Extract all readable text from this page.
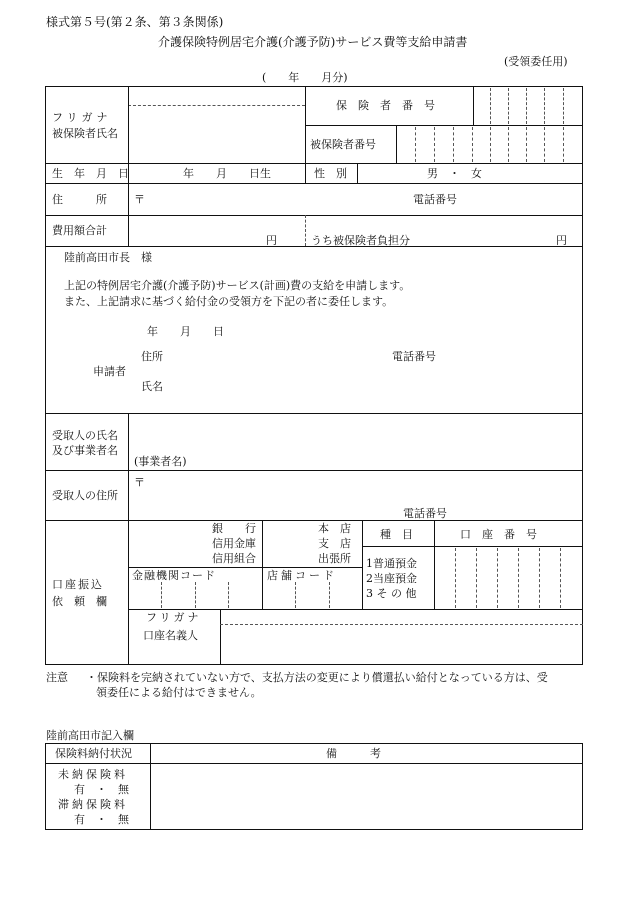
様式第５号(第２条、第３条関係)
介護保険特例居宅介護(介護予防)サービス費等支給申請書
(受領委任用)
(　　年　　月分)
フリガナ
被保険者氏名
保　険　者　番　号
被保険者番号
生　年　月　日	年　　月　　日生	性　別	男　・　女
住　　　所 〒	電話番号
費用額合計
円	うち被保険者負担分	円
陸前高田市長　様
上記の特例居宅介護(介護予防)サービス(計画)費の支給を申請します。
また、上記請求に基づく給付金の受領方を下記の者に委任します。
年　　月　　日
住所	電話番号
申請者
氏名
受取人の氏名
及び事業者名
(事業者名)
受取人の住所
〒
電話番号
口座振込
依　頼　欄
銀　　行
信用金庫
信用組合
本　店
支　店
出張所
種　目	口　座　番　号
1普通預金
2当座預金
3 そ の 他
金融機関コード	店舗コード
フリガナ
口座名義人
注意 ・保険料を完納されていない方で、支払方法の変更により償還払い給付となっている方は、受
領委任による給付はできません。
陸前高田市記入欄
保険料納付状況	備　　　考
未納保険料
有　・　無
滞納保険料
有　・　無
